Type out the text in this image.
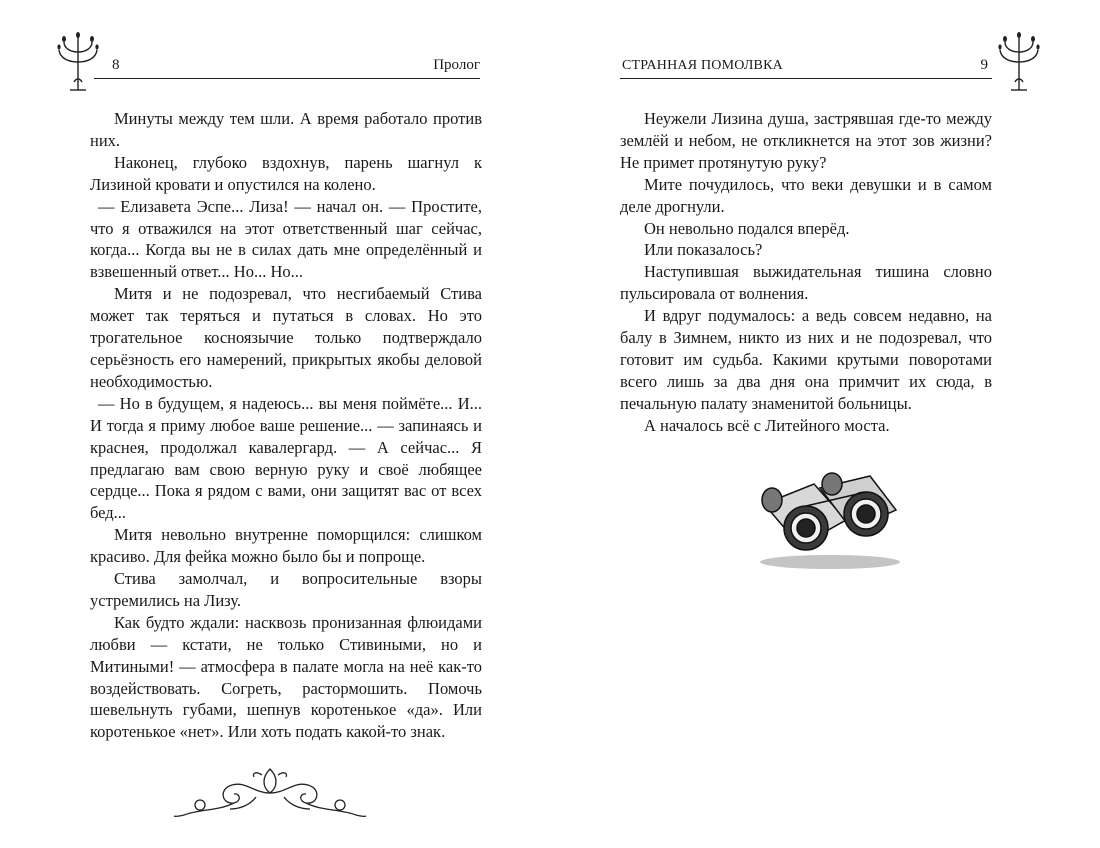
8	Пролог

Минуты между тем шли. А время работало против них.

Наконец, глубоко вздохнув, парень шагнул к Лизиной кровати и опустился на колено.

— Елизавета Эспе... Лиза! — начал он. — Простите, что я отважился на этот ответственный шаг сейчас, когда... Когда вы не в силах дать мне определённый и взвешенный ответ... Но... Но...

Митя и не подозревал, что несгибаемый Стива может так теряться и путаться в словах. Но это трогательное косноязычие только подтверждало серьёзность его намерений, прикрытых якобы деловой необходимостью.

— Но в будущем, я надеюсь... вы меня поймёте... И... И тогда я приму любое ваше решение... — запинаясь и краснея, продолжал кавалергард. — А сейчас... Я предлагаю вам свою верную руку и своё любящее сердце... Пока я рядом с вами, они защитят вас от всех бед...

Митя невольно внутренне поморщился: слишком красиво. Для фейка можно было бы и попроще.

Стива замолчал, и вопросительные взоры устремились на Лизу.

Как будто ждали: насквозь пронизанная флюидами любви — кстати, не только Стивиными, но и Митиными! — атмосфера в палате могла на неё как-то воздействовать. Согреть, растормошить. Помочь шевельнуть губами, шепнув коротенькое «да». Или коротенькое «нет». Или хоть подать какой-то знак.

СТРАННАЯ ПОМОЛВКА	9

Неужели Лизина душа, застрявшая где-то между землёй и небом, не откликнется на этот зов жизни? Не примет протянутую руку?

Мите почудилось, что веки девушки и в самом деле дрогнули.

Он невольно подался вперёд.

Или показалось?

Наступившая выжидательная тишина словно пульсировала от волнения.

И вдруг подумалось: а ведь совсем недавно, на балу в Зимнем, никто из них и не подозревал, что готовит им судьба. Какими крутыми поворотами всего лишь за два дня она примчит их сюда, в печальную палату знаменитой больницы.

А началось всё с Литейного моста.
